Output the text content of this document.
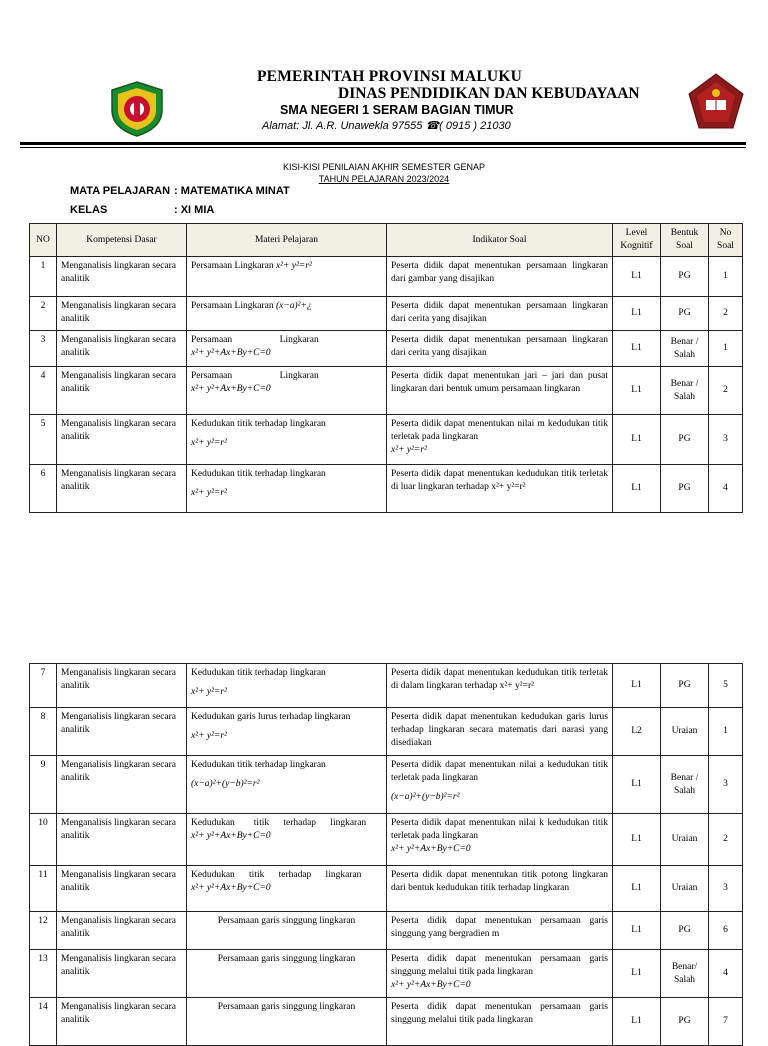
PEMERINTAH PROVINSI MALUKU
DINAS PENDIDIKAN DAN KEBUDAYAAN
SMA NEGERI 1 SERAM BAGIAN TIMUR
Alamat: Jl. A.R. Unawekla 97555 ☎( 0915 ) 21030
KISI-KISI PENILAIAN AKHIR SEMESTER GENAP
TAHUN PELAJARAN 2023/2024
MATA PELAJARAN : MATEMATIKA MINAT
KELAS	: XI MIA
NO	Kompetensi Dasar	Materi Pelajaran	Indikator Soal	Level Kognitif	Bentuk Soal	No Soal
1	Menganalisis lingkaran secara analitik	Persamaan Lingkaran x²+ y²=r²	Peserta didik dapat menentukan persamaan lingkaran dari gambar yang disajikan	L1	PG	1
2	Menganalisis lingkaran secara analitik	Persamaan Lingkaran (x−a)²+¿	Peserta didik dapat menentukan persamaan lingkaran dari cerita yang disajikan	L1	PG	2
3	Menganalisis lingkaran secara analitik	Persamaan                    Lingkaran
x²+ y²+Ax+By+C=0	Peserta didik dapat menentukan persamaan lingkaran dari cerita yang disajikan	L1	Benar / Salah	1
4	Menganalisis lingkaran secara analitik	Persamaan                    Lingkaran
x²+ y²+Ax+By+C=0	Peserta didik dapat menentukan jari – jari dan pusat lingkaran dari bentuk umum persamaan lingkaran	L1	Benar / Salah	2
5	Menganalisis lingkaran secara analitik	Kedudukan titik terhadap lingkaran
x²+ y²=r²	Peserta didik dapat menentukan nilai m kedudukan titik terletak pada lingkaran
x²+ y²=r²	L1	PG	3
6	Menganalisis lingkaran secara analitik	Kedudukan titik terhadap lingkaran
x²+ y²=r²	Peserta didik dapat menentukan kedudukan titik terletak di luar lingkaran terhadap x²+ y²=r²	L1	PG	4
7	Menganalisis lingkaran secara analitik	Kedudukan titik terhadap lingkaran
x²+ y²=r²	Peserta didik dapat menentukan kedudukan titik terletak di dalam lingkaran terhadap x²+ y²=r²	L1	PG	5
8	Menganalisis lingkaran secara analitik	Kedudukan garis lurus terhadap lingkaran
x²+ y²=r²	Peserta didik dapat menentukan kedudukan garis lurus terhadap lingkaran secara matematis dari narasi yang disediakan	L2	Uraian	1
9	Menganalisis lingkaran secara analitik	Kedudukan titik terhadap lingkaran
(x−a)²+(y−b)²=r²	Peserta didik dapat menentukan nilai a kedudukan titik terletak pada lingkaran
(x−a)²+(y−b)²=r²	L1	Benar / Salah	3
10	Menganalisis lingkaran secara analitik	Kedudukan        titik      terhadap      lingkaran
x²+ y²+Ax+By+C=0	Peserta didik dapat menentukan nilai k kedudukan titik terletak pada lingkaran
x²+ y²+Ax+By+C=0	L1	Uraian	2
11	Menganalisis lingkaran secara analitik	Kedudukan      titik      terhadap      lingkaran
x²+ y²+Ax+By+C=0	Peserta didik dapat menentukan titik potong lingkaran dari bentuk kedudukan titik terhadap lingkaran	L1	Uraian	3
12	Menganalisis lingkaran secara analitik	Persamaan garis singgung lingkaran	Peserta didik dapat menentukan persamaan garis singgung yang bergradien m	L1	PG	6
13	Menganalisis lingkaran secara analitik	Persamaan garis singgung lingkaran	Peserta didik dapat menentukan persamaan garis singgung melalui titik pada lingkaran
x²+ y²+Ax+By+C=0	L1	Benar/ Salah	4
14	Menganalisis lingkaran secara analitik	Persamaan garis singgung lingkaran	Peserta didik dapat menentukan persamaan garis singgung melalui titik pada lingkaran	L1	PG	7
